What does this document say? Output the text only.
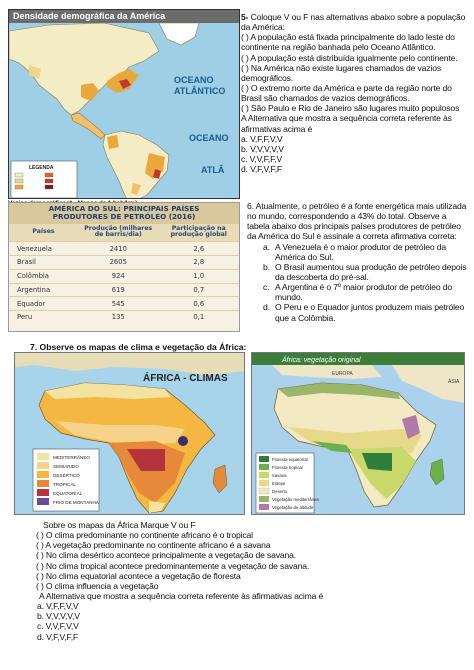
Densidade demográfica da América
OCEANO
ATLÂNTICO
OCEANO
ATLÂ
LEGENDA

5- Coloque V ou F nas alternativas abaixo sobre a população da América:

( ) A população está fixada principalmente do lado leste do continente na região banhada pelo Oceano Atlântico.

( ) A população está distribuída igualmente pelo continente.

( ) Na América não existe lugares chamados de vazios demográficos.

( ) O extremo norte da América e parte da região norte do Brasil são chamados de vazios demográficos.

( ) São Paulo e Rio de Janeiro são lugares muito populosos

A Alternativa que mostra a sequência correta referente às afirmativas acima é

a. V,F,F,V,V

b. V,V,V,V,V

c. V,V,F,F,V

d. V,F,V,F,F

AMÉRICA DO SUL: PRINCIPAIS PAÍSES
PRODUTORES DE PETRÓLEO (2016)
Países	Produção (milhares de barris/dia)	Participação na produção global
Venezuela	2410	2,6
Brasil	2605	2,8
Colômbia	924	1,0
Argentina	619	0,7
Equador	545	0,6
Peru	135	0,1

6. Atualmente, o petróleo é a fonte energética mais utilizada no mundo, correspondendo a 43% do total. Observe a tabela abaixo dos principais países produtores de petróleo da América do Sul e assinale a correta afirmativa correta:

a. A Venezuela é o maior produtor de petróleo da América do Sul.
b. O Brasil aumentou sua produção de petróleo depois da descoberta do pré-sal.
c. A Argentina é o 7º maior produtor de petróleo do mundo.
d. O Peru e o Equador juntos produzem mais petróleo que a Colômbia.
7. Observe os mapas de clima e vegetação da África:
ÁFRICA - CLIMAS
MEDITERRÂNEO
SEMIÁRIDO
DESÉRTICO
TROPICAL
EQUATORIAL
FRIO DE MONTANHA
África: vegetação original
EUROPA
ÁSIA
Floresta equatorial
Floresta tropical
Savana
Estepe
Deserto
Vegetação mediterrânea
Vegetação de altitude

Sobre os mapas da África Marque V ou F

( ) O clima predominante no continente africano é o tropical

( ) A vegetação predominante no continente africano é a savana

( ) No clima desértico acontece principalmente a vegetação de savana.

( ) No clima tropical acontece predominantemente a vegetação de savana.

( ) No clima equatorial acontece a vegetação de floresta

( ) O clima influencia a vegetação

A Alternativa que mostra a sequência correta referente às afirmativas acima é

a. V,F,F,V,V

b. V,V,V,V,V

c. V,V,F,V,V

d. V,F,V,F,F
